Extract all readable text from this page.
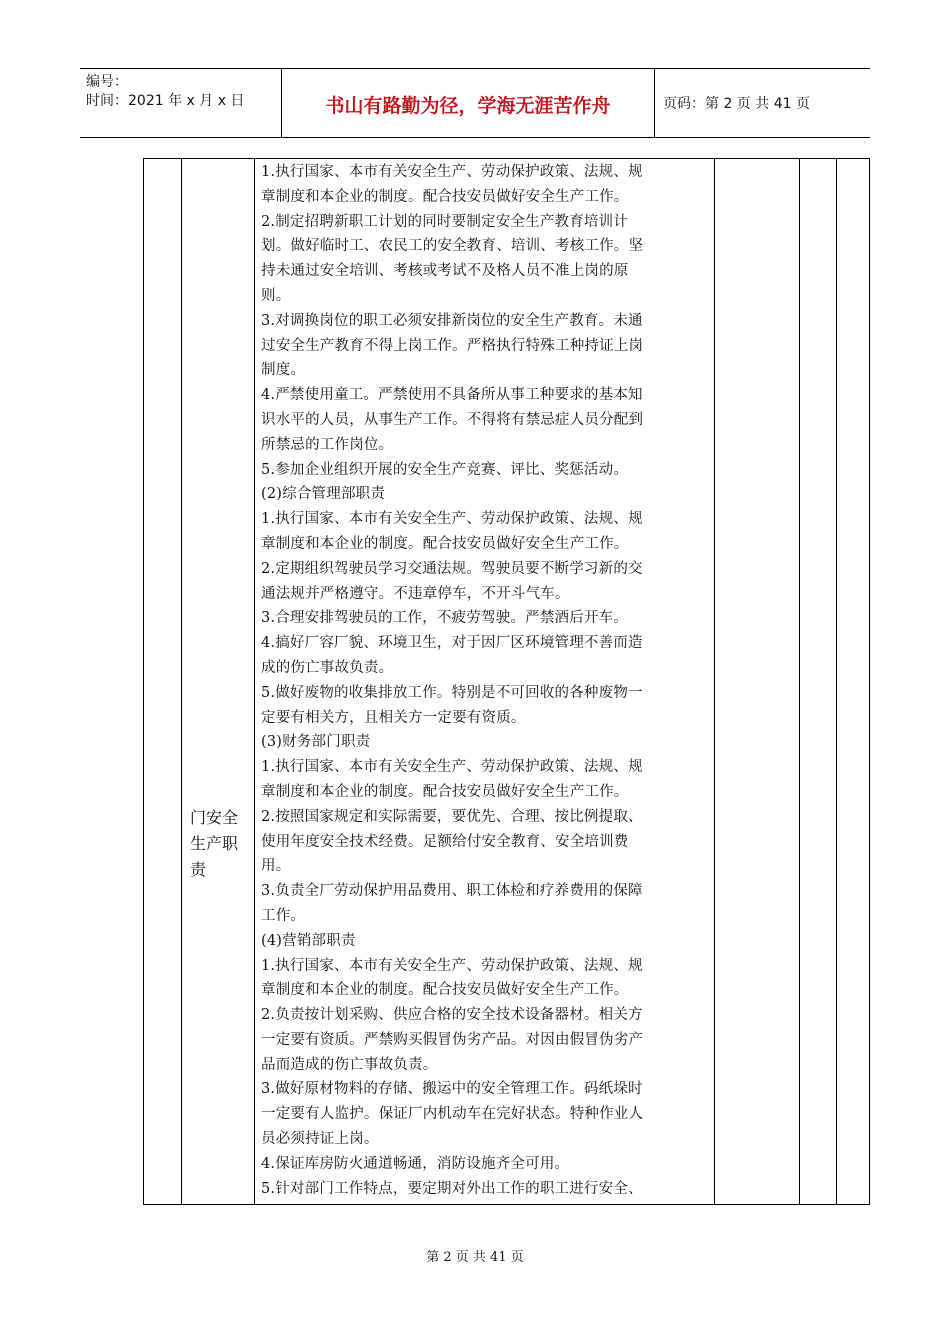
编号：
时间：2021 年 x 月 x 日	书山有路勤为径，学海无涯苦作舟	页码：第 2 页 共 41 页
门安全
生产职
责
1.执行国家、本市有关安全生产、劳动保护政策、法规、规
章制度和本企业的制度。配合技安员做好安全生产工作。
2.制定招聘新职工计划的同时要制定安全生产教育培训计
划。做好临时工、农民工的安全教育、培训、考核工作。坚
持未通过安全培训、考核或考试不及格人员不准上岗的原
则。
3.对调换岗位的职工必须安排新岗位的安全生产教育。未通
过安全生产教育不得上岗工作。严格执行特殊工种持证上岗
制度。
4.严禁使用童工。严禁使用不具备所从事工种要求的基本知
识水平的人员，从事生产工作。不得将有禁忌症人员分配到
所禁忌的工作岗位。
5.参加企业组织开展的安全生产竞赛、评比、奖惩活动。
(2)综合管理部职责
1.执行国家、本市有关安全生产、劳动保护政策、法规、规
章制度和本企业的制度。配合技安员做好安全生产工作。
2.定期组织驾驶员学习交通法规。驾驶员要不断学习新的交
通法规并严格遵守。不违章停车，不开斗气车。
3.合理安排驾驶员的工作，不疲劳驾驶。严禁酒后开车。
4.搞好厂容厂貌、环境卫生，对于因厂区环境管理不善而造
成的伤亡事故负责。
5.做好废物的收集排放工作。特别是不可回收的各种废物一
定要有相关方，且相关方一定要有资质。
(3)财务部门职责
1.执行国家、本市有关安全生产、劳动保护政策、法规、规
章制度和本企业的制度。配合技安员做好安全生产工作。
2.按照国家规定和实际需要，要优先、合理、按比例提取、
使用年度安全技术经费。足额给付安全教育、安全培训费
用。
3.负责全厂劳动保护用品费用、职工体检和疗养费用的保障
工作。
(4)营销部职责
1.执行国家、本市有关安全生产、劳动保护政策、法规、规
章制度和本企业的制度。配合技安员做好安全生产工作。
2.负责按计划采购、供应合格的安全技术设备器材。相关方
一定要有资质。严禁购买假冒伪劣产品。对因由假冒伪劣产
品而造成的伤亡事故负责。
3.做好原材物料的存储、搬运中的安全管理工作。码纸垛时
一定要有人监护。保证厂内机动车在完好状态。特种作业人
员必须持证上岗。
4.保证库房防火通道畅通，消防设施齐全可用。
5.针对部门工作特点，要定期对外出工作的职工进行安全、
第 2 页 共 41 页
